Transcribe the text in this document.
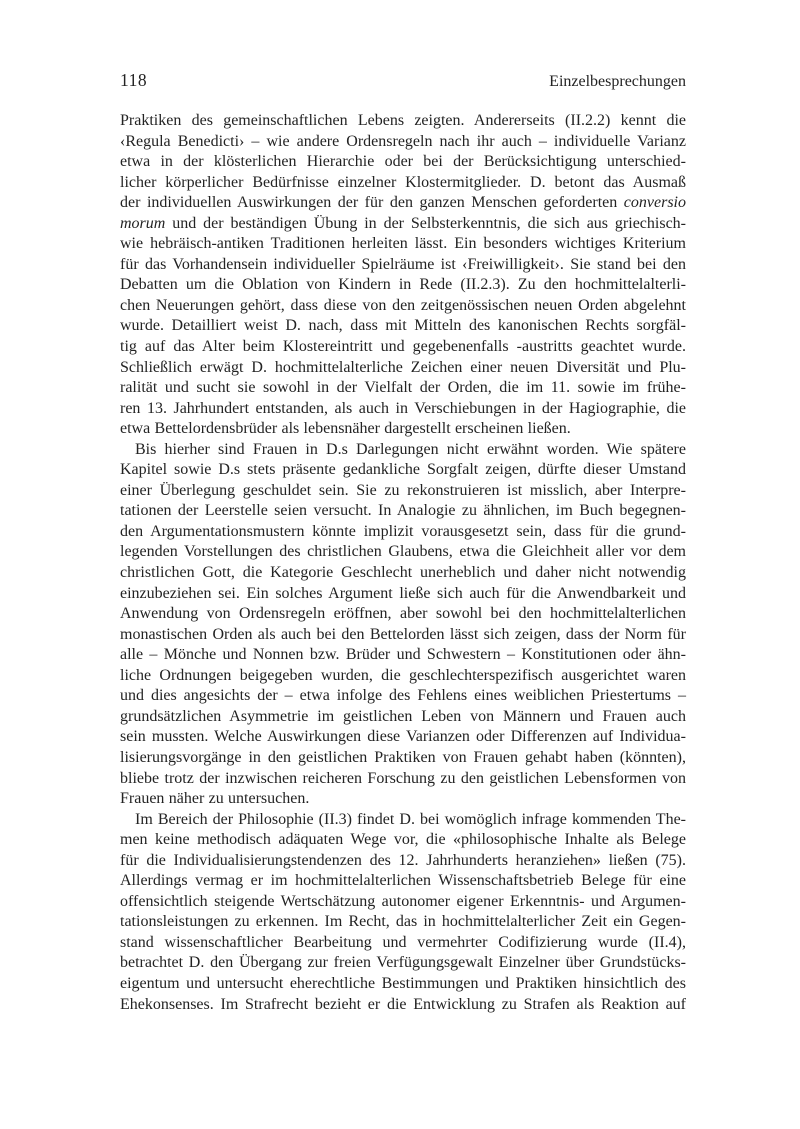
118	Einzelbesprechungen
Praktiken des gemeinschaftlichen Lebens zeigten. Andererseits (II.2.2) kennt die
‹Regula Benedicti› – wie andere Ordensregeln nach ihr auch – individuelle Varianz
etwa in der klösterlichen Hierarchie oder bei der Berücksichtigung unterschied-
licher körperlicher Bedürfnisse einzelner Klostermitglieder. D. betont das Ausmaß
der individuellen Auswirkungen der für den ganzen Menschen geforderten conversio
morum und der beständigen Übung in der Selbsterkenntnis, die sich aus griechisch-
wie hebräisch-antiken Traditionen herleiten lässt. Ein besonders wichtiges Kriterium
für das Vorhandensein individueller Spielräume ist ‹Freiwilligkeit›. Sie stand bei den
Debatten um die Oblation von Kindern in Rede (II.2.3). Zu den hochmittelalterli-
chen Neuerungen gehört, dass diese von den zeitgenössischen neuen Orden abgelehnt
wurde. Detailliert weist D. nach, dass mit Mitteln des kanonischen Rechts sorgfäl-
tig auf das Alter beim Klostereintritt und gegebenenfalls -austritts geachtet wurde.
Schließlich erwägt D. hochmittelalterliche Zeichen einer neuen Diversität und Plu-
ralität und sucht sie sowohl in der Vielfalt der Orden, die im 11. sowie im frühe-
ren 13. Jahrhundert entstanden, als auch in Verschiebungen in der Hagiographie, die
etwa Bettelordensbrüder als lebensnäher dargestellt erscheinen ließen.
Bis hierher sind Frauen in D.s Darlegungen nicht erwähnt worden. Wie spätere
Kapitel sowie D.s stets präsente gedankliche Sorgfalt zeigen, dürfte dieser Umstand
einer Überlegung geschuldet sein. Sie zu rekonstruieren ist misslich, aber Interpre-
tationen der Leerstelle seien versucht. In Analogie zu ähnlichen, im Buch begegnen-
den Argumentationsmustern könnte implizit vorausgesetzt sein, dass für die grund-
legenden Vorstellungen des christlichen Glaubens, etwa die Gleichheit aller vor dem
christlichen Gott, die Kategorie Geschlecht unerheblich und daher nicht notwendig
einzubeziehen sei. Ein solches Argument ließe sich auch für die Anwendbarkeit und
Anwendung von Ordensregeln eröffnen, aber sowohl bei den hochmittelalterlichen
monastischen Orden als auch bei den Bettelorden lässt sich zeigen, dass der Norm für
alle – Mönche und Nonnen bzw. Brüder und Schwestern – Konstitutionen oder ähn-
liche Ordnungen beigegeben wurden, die geschlechterspezifisch ausgerichtet waren
und dies angesichts der – etwa infolge des Fehlens eines weiblichen Priestertums –
grundsätzlichen Asymmetrie im geistlichen Leben von Männern und Frauen auch
sein mussten. Welche Auswirkungen diese Varianzen oder Differenzen auf Individua-
lisierungsvorgänge in den geistlichen Praktiken von Frauen gehabt haben (könnten),
bliebe trotz der inzwischen reicheren Forschung zu den geistlichen Lebensformen von
Frauen näher zu untersuchen.
Im Bereich der Philosophie (II.3) findet D. bei womöglich infrage kommenden The-
men keine methodisch adäquaten Wege vor, die «philosophische Inhalte als Belege
für die Individualisierungstendenzen des 12. Jahrhunderts heranziehen» ließen (75).
Allerdings vermag er im hochmittelalterlichen Wissenschaftsbetrieb Belege für eine
offensichtlich steigende Wertschätzung autonomer eigener Erkenntnis- und Argumen-
tationsleistungen zu erkennen. Im Recht, das in hochmittelalterlicher Zeit ein Gegen-
stand wissenschaftlicher Bearbeitung und vermehrter Codifizierung wurde (II.4),
betrachtet D. den Übergang zur freien Verfügungsgewalt Einzelner über Grundstücks-
eigentum und untersucht eherechtliche Bestimmungen und Praktiken hinsichtlich des
Ehekonsenses. Im Strafrecht bezieht er die Entwicklung zu Strafen als Reaktion auf
